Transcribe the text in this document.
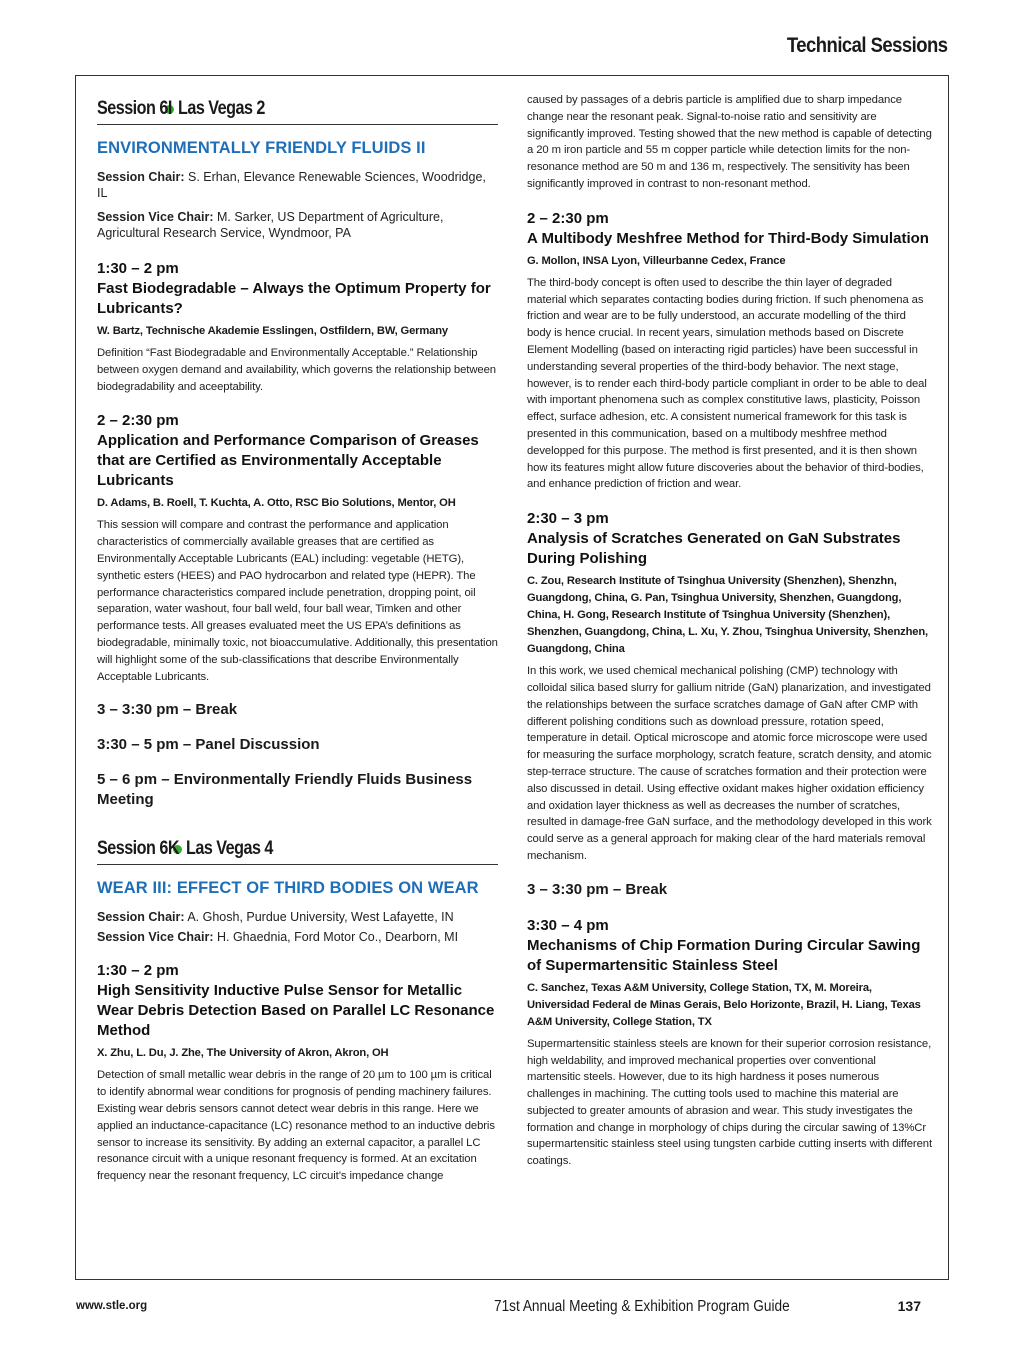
Technical Sessions
Session 6I Las Vegas 2
ENVIRONMENTALLY FRIENDLY FLUIDS II
Session Chair: S. Erhan, Elevance Renewable Sciences, Woodridge, IL
Session Vice Chair: M. Sarker, US Department of Agriculture, Agricultural Research Service, Wyndmoor, PA
1:30 – 2 pm
Fast Biodegradable – Always the Optimum Property for Lubricants?
W. Bartz, Technische Akademie Esslingen, Ostfildern, BW, Germany
Definition “Fast Biodegradable and Environmentally Acceptable.” Relationship between oxygen demand and availability, which governs the relationship between biodegradability and aceeptability.
2 – 2:30 pm
Application and Performance Comparison of Greases that are Certified as Environmentally Acceptable Lubricants
D. Adams, B. Roell, T. Kuchta, A. Otto, RSC Bio Solutions, Mentor, OH
This session will compare and contrast the performance and application characteristics of commercially available greases that are certified as Environmentally Acceptable Lubricants (EAL) including: vegetable (HETG), synthetic esters (HEES) and PAO hydrocarbon and related type (HEPR). The performance characteristics compared include penetration, dropping point, oil separation, water washout, four ball weld, four ball wear, Timken and other performance tests. All greases evaluated meet the US EPA’s definitions as biodegradable, minimally toxic, not bioaccumulative. Additionally, this presentation will highlight some of the sub-classifications that describe Environmentally Acceptable Lubricants.
3 – 3:30 pm – Break
3:30 – 5 pm – Panel Discussion
5 – 6 pm – Environmentally Friendly Fluids Business Meeting
Session 6K Las Vegas 4
WEAR III: EFFECT OF THIRD BODIES ON WEAR
Session Chair: A. Ghosh, Purdue University, West Lafayette, IN
Session Vice Chair: H. Ghaednia, Ford Motor Co., Dearborn, MI
1:30 – 2 pm
High Sensitivity Inductive Pulse Sensor for Metallic Wear Debris Detection Based on Parallel LC Resonance Method
X. Zhu, L. Du, J. Zhe, The University of Akron, Akron, OH
Detection of small metallic wear debris in the range of 20 µm to 100 µm is critical to identify abnormal wear conditions for prognosis of pending machinery failures. Existing wear debris sensors cannot detect wear debris in this range. Here we applied an inductance-capacitance (LC) resonance method to an inductive debris sensor to increase its sensitivity. By adding an external capacitor, a parallel LC resonance circuit with a unique resonant frequency is formed. At an excitation frequency near the resonant frequency, LC circuit’s impedance change
caused by passages of a debris particle is amplified due to sharp impedance change near the resonant peak. Signal-to-noise ratio and sensitivity are significantly improved. Testing showed that the new method is capable of detecting a 20 m iron particle and 55 m copper particle while detection limits for the non-resonance method are 50 m and 136 m, respectively. The sensitivity has been significantly improved in contrast to non-resonant method.
2 – 2:30 pm
A Multibody Meshfree Method for Third-Body Simulation
G. Mollon, INSA Lyon, Villeurbanne Cedex, France
The third-body concept is often used to describe the thin layer of degraded material which separates contacting bodies during friction. If such phenomena as friction and wear are to be fully understood, an accurate modelling of the third body is hence crucial. In recent years, simulation methods based on Discrete Element Modelling (based on interacting rigid particles) have been successful in understanding several properties of the third-body behavior. The next stage, however, is to render each third-body particle compliant in order to be able to deal with important phenomena such as complex constitutive laws, plasticity, Poisson effect, surface adhesion, etc. A consistent numerical framework for this task is presented in this communication, based on a multibody meshfree method developped for this purpose. The method is first presented, and it is then shown how its features might allow future discoveries about the behavior of third-bodies, and enhance prediction of friction and wear.
2:30 – 3 pm
Analysis of Scratches Generated on GaN Substrates During Polishing
C. Zou, Research Institute of Tsinghua University (Shenzhen), Shenzhn, Guangdong, China, G. Pan, Tsinghua University, Shenzhen, Guangdong, China, H. Gong, Research Institute of Tsinghua University (Shenzhen), Shenzhen, Guangdong, China, L. Xu, Y. Zhou, Tsinghua University, Shenzhen, Guangdong, China
In this work, we used chemical mechanical polishing (CMP) technology with colloidal silica based slurry for gallium nitride (GaN) planarization, and investigated the relationships between the surface scratches damage of GaN after CMP with different polishing conditions such as download pressure, rotation speed, temperature in detail. Optical microscope and atomic force microscope were used for measuring the surface morphology, scratch feature, scratch density, and atomic step-terrace structure. The cause of scratches formation and their protection were also discussed in detail. Using effective oxidant makes higher oxidation efficiency and oxidation layer thickness as well as decreases the number of scratches, resulted in damage-free GaN surface, and the methodology developed in this work could serve as a general approach for making clear of the hard materials removal mechanism.
3 – 3:30 pm – Break
3:30 – 4 pm
Mechanisms of Chip Formation During Circular Sawing of Supermartensitic Stainless Steel
C. Sanchez, Texas A&M University, College Station, TX, M. Moreira, Universidad Federal de Minas Gerais, Belo Horizonte, Brazil, H. Liang, Texas A&M University, College Station, TX
Supermartensitic stainless steels are known for their superior corrosion resistance, high weldability, and improved mechanical properties over conventional martensitic steels. However, due to its high hardness it poses numerous challenges in machining. The cutting tools used to machine this material are subjected to greater amounts of abrasion and wear. This study investigates the formation and change in morphology of chips during the circular sawing of 13%Cr supermartensitic stainless steel using tungsten carbide cutting inserts with different coatings.
www.stle.org	71st Annual Meeting & Exhibition Program Guide	137
